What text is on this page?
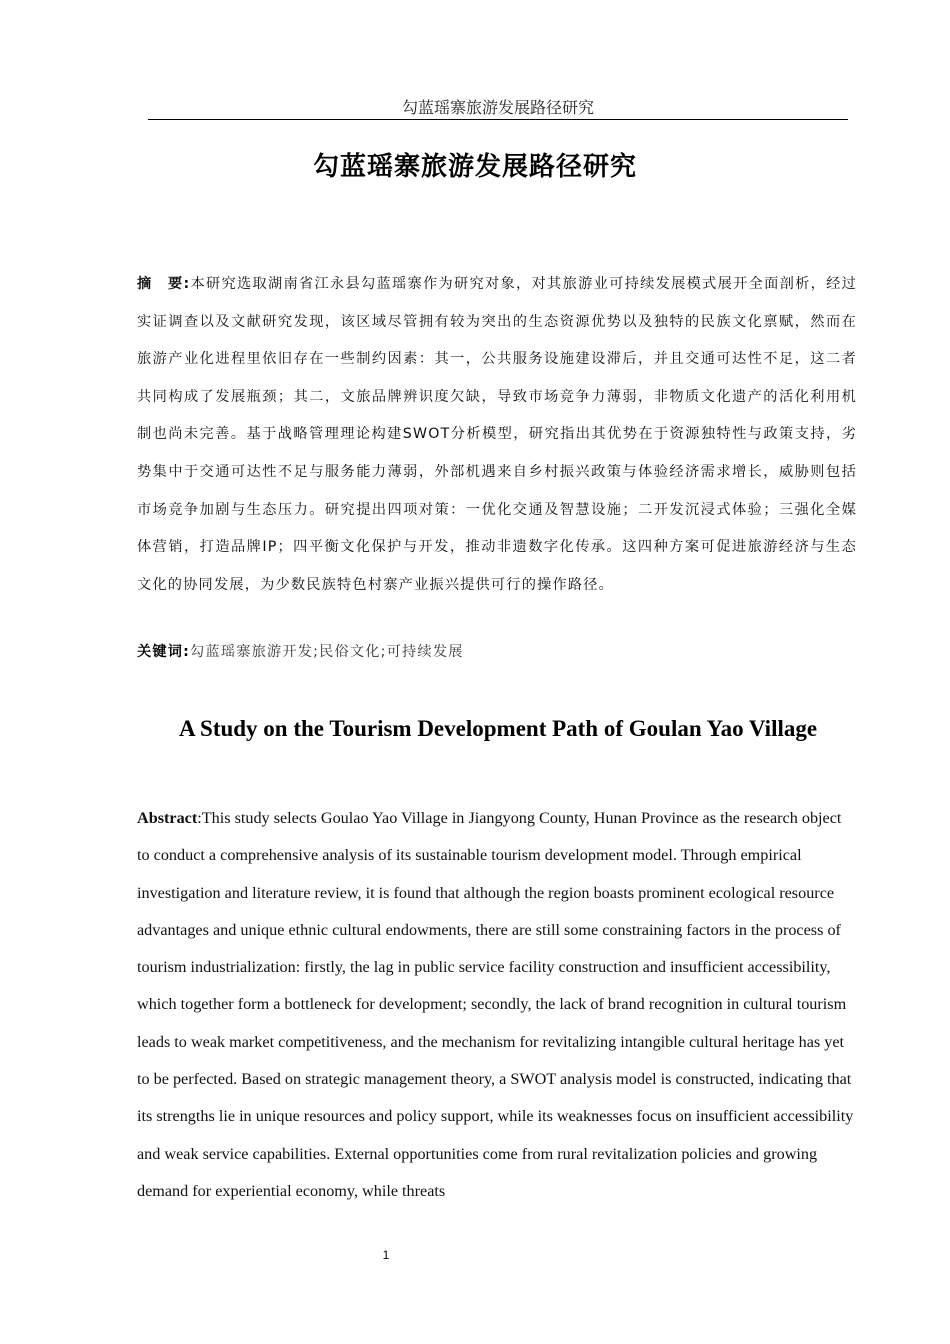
勾蓝瑶寨旅游发展路径研究
勾蓝瑶寨旅游发展路径研究

摘　要:本研究选取湖南省江永县勾蓝瑶寨作为研究对象，对其旅游业可持续发展模式展开全面剖析，经过实证调查以及文献研究发现，该区域尽管拥有较为突出的生态资源优势以及独特的民族文化禀赋，然而在旅游产业化进程里依旧存在一些制约因素：其一，公共服务设施建设滞后，并且交通可达性不足，这二者共同构成了发展瓶颈；其二，文旅品牌辨识度欠缺，导致市场竞争力薄弱，非物质文化遗产的活化利用机制也尚未完善。基于战略管理理论构建SWOT分析模型，研究指出其优势在于资源独特性与政策支持，劣势集中于交通可达性不足与服务能力薄弱，外部机遇来自乡村振兴政策与体验经济需求增长，威胁则包括市场竞争加剧与生态压力。研究提出四项对策：一优化交通及智慧设施；二开发沉浸式体验；三强化全媒体营销，打造品牌IP；四平衡文化保护与开发，推动非遗数字化传承。这四种方案可促进旅游经济与生态文化的协同发展，为少数民族特色村寨产业振兴提供可行的操作路径。

关键词:勾蓝瑶寨旅游开发;民俗文化;可持续发展

A Study on the Tourism Development Path of Goulan Yao Village

Abstract:This study selects Goulao Yao Village in Jiangyong County, Hunan Province as the research object to conduct a comprehensive analysis of its sustainable tourism development model. Through empirical investigation and literature review, it is found that although the region boasts prominent ecological resource advantages and unique ethnic cultural endowments, there are still some constraining factors in the process of tourism industrialization: firstly, the lag in public service facility construction and insufficient accessibility, which together form a bottleneck for development; secondly, the lack of brand recognition in cultural tourism leads to weak market competitiveness, and the mechanism for revitalizing intangible cultural heritage has yet to be perfected. Based on strategic management theory, a SWOT analysis model is constructed, indicating that its strengths lie in unique resources and policy support, while its weaknesses focus on insufficient accessibility and weak service capabilities. External opportunities come from rural revitalization policies and growing demand for experiential economy, while threats

1
